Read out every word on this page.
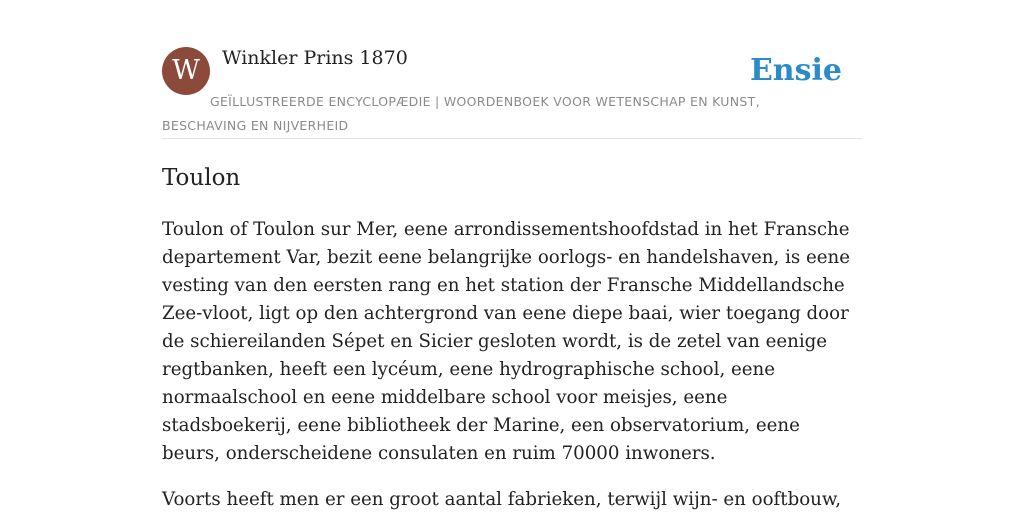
W	Winkler Prins 1870	Ensie
GEÏLLUSTREERDE ENCYCLOPÆDIE | WOORDENBOEK VOOR WETENSCHAP EN KUNST, BESCHAVING EN NIJVERHEID
Toulon

Toulon of Toulon sur Mer, eene arrondissementshoofdstad in het Fransche departement Var, bezit eene belangrijke oorlogs- en handelshaven, is eene vesting van den eersten rang en het station der Fransche Middellandsche Zee-vloot, ligt op den achtergrond van eene diepe baai, wier toegang door de schiereilanden Sépet en Sicier gesloten wordt, is de zetel van eenige regtbanken, heeft een lycéum, eene hydrographische school, eene normaalschool en eene middelbare school voor meisjes, eene stadsboekerij, eene bibliotheek der Marine, een observatorium, eene beurs, onderscheidene consulaten en ruim 70000 inwoners.

Voorts heeft men er een groot aantal fabrieken, terwijl wijn- en ooftbouw,
